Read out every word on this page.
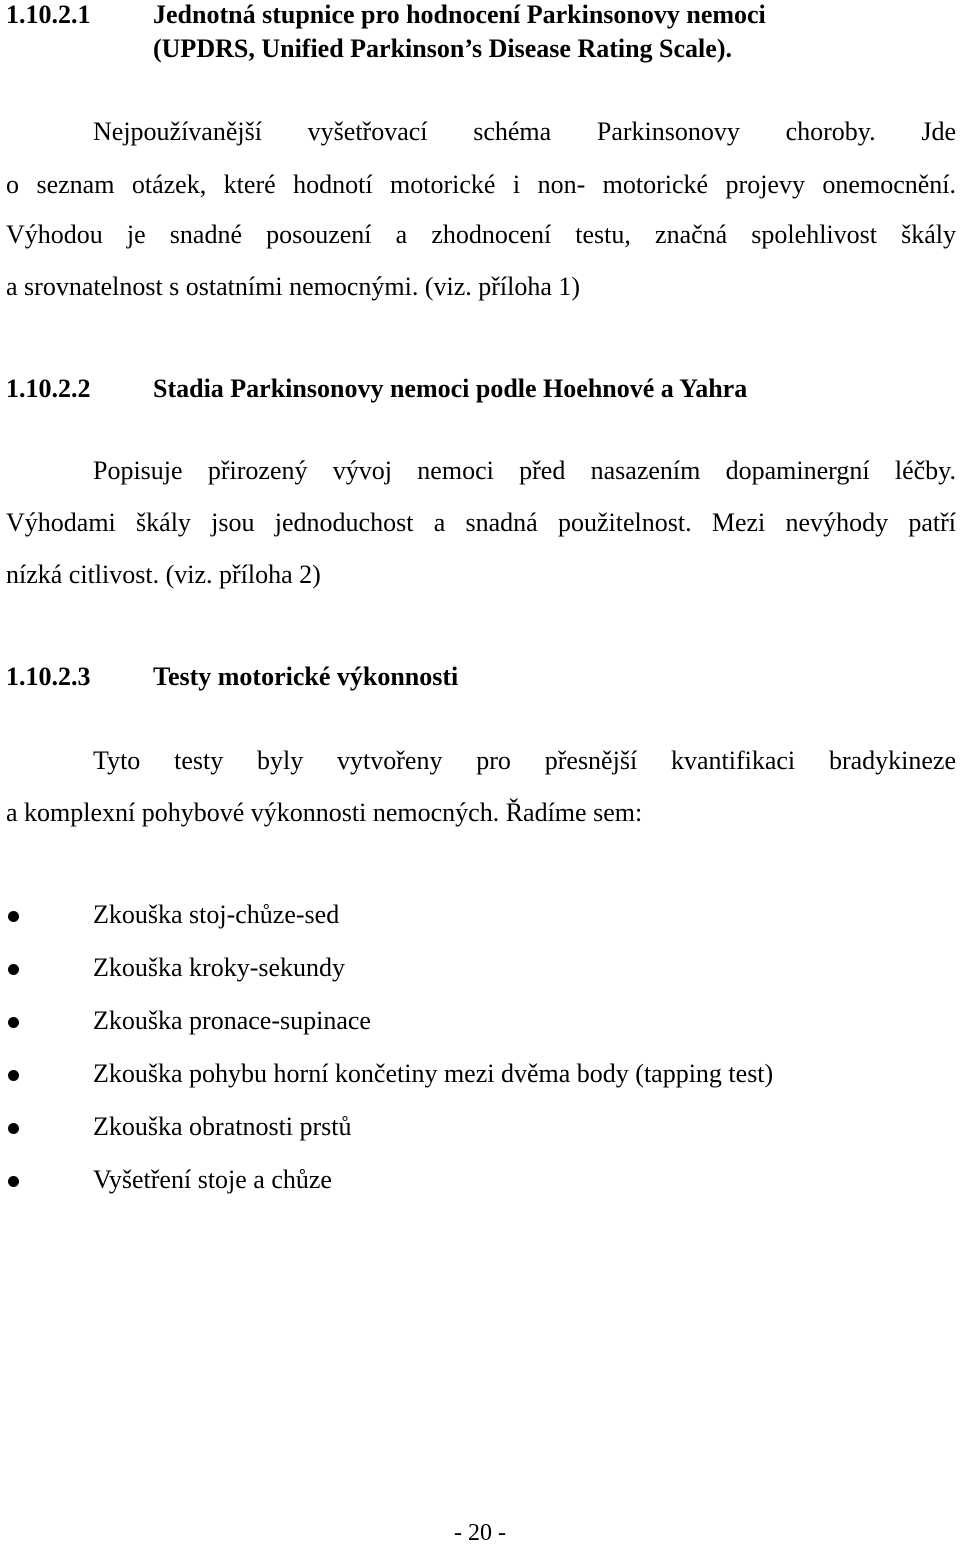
1.10.2.1 Jednotná stupnice pro hodnocení Parkinsonovy nemoci
(UPDRS, Unified Parkinson’s Disease Rating Scale).
Nejpoužívanější vyšetřovací schéma Parkinsonovy choroby. Jde
o seznam otázek, které hodnotí motorické i non- motorické projevy onemocnění.
Výhodou je snadné posouzení a zhodnocení testu, značná spolehlivost škály
a srovnatelnost s ostatními nemocnými. (viz. příloha 1)
1.10.2.2 Stadia Parkinsonovy nemoci podle Hoehnové a Yahra
Popisuje přirozený vývoj nemoci před nasazením dopaminergní léčby.
Výhodami škály jsou jednoduchost a snadná použitelnost. Mezi nevýhody patří
nízká citlivost. (viz. příloha 2)
1.10.2.3 Testy motorické výkonnosti
Tyto testy byly vytvořeny pro přesnější kvantifikaci bradykineze
a komplexní pohybové výkonnosti nemocných. Řadíme sem:
Zkouška stoj-chůze-sed
Zkouška kroky-sekundy
Zkouška pronace-supinace
Zkouška pohybu horní končetiny mezi dvěma body (tapping test)
Zkouška obratnosti prstů
Vyšetření stoje a chůze
- 20 -
